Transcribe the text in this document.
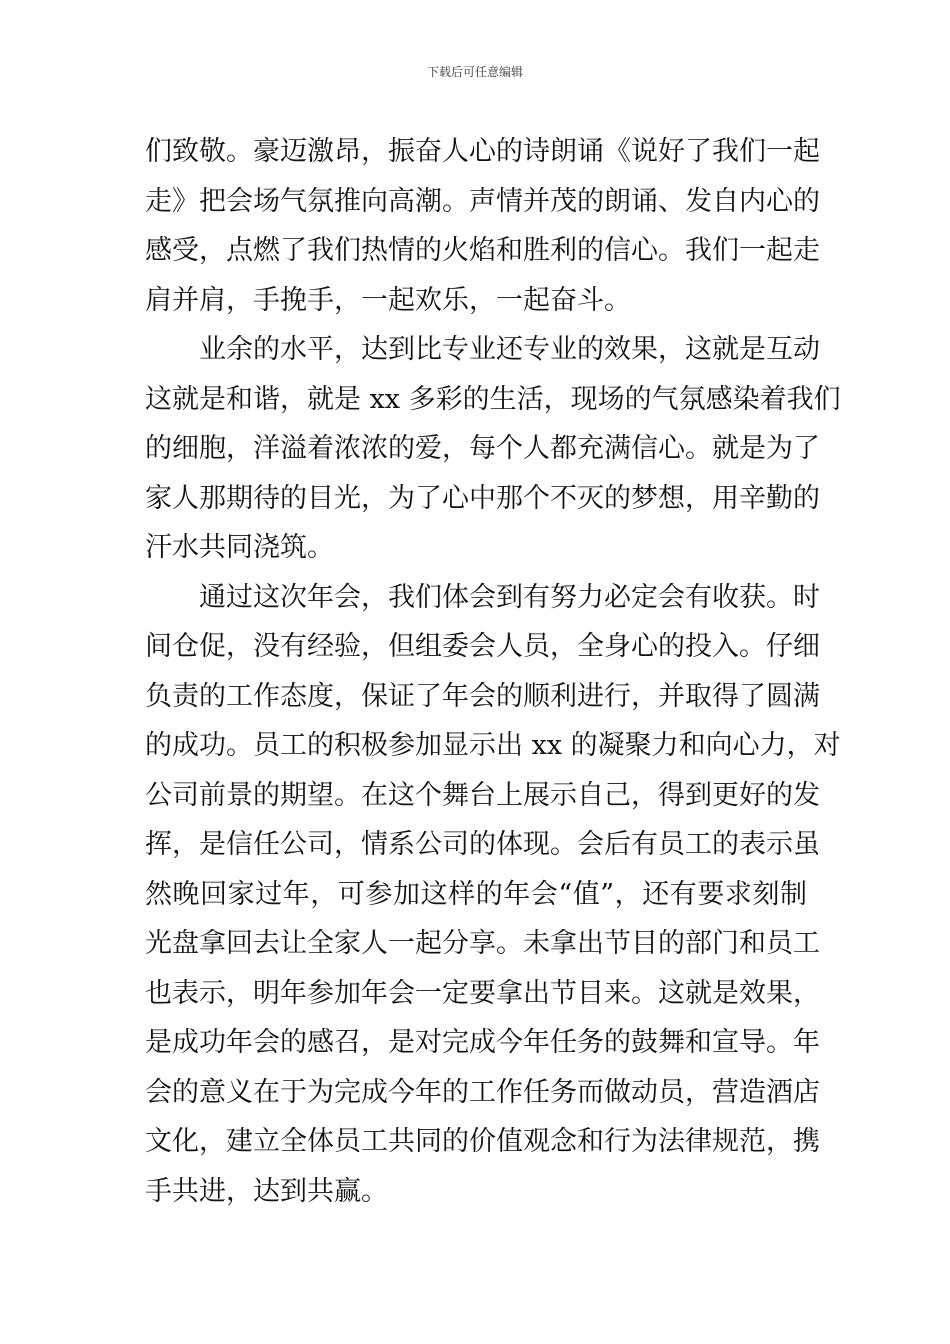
下载后可任意编辑
们致敬。豪迈激昂，振奋人心的诗朗诵《说好了我们一起
走》把会场气氛推向高潮。声情并茂的朗诵、发自内心的
感受，点燃了我们热情的火焰和胜利的信心。我们一起走
肩并肩，手挽手，一起欢乐，一起奋斗。
业余的水平，达到比专业还专业的效果，这就是互动
这就是和谐，就是 xx 多彩的生活，现场的气氛感染着我们
的细胞，洋溢着浓浓的爱，每个人都充满信心。就是为了
家人那期待的目光，为了心中那个不灭的梦想，用辛勤的
汗水共同浇筑。
通过这次年会，我们体会到有努力必定会有收获。时
间仓促，没有经验，但组委会人员，全身心的投入。仔细
负责的工作态度，保证了年会的顺利进行，并取得了圆满
的成功。员工的积极参加显示出 xx 的凝聚力和向心力，对
公司前景的期望。在这个舞台上展示自己，得到更好的发
挥，是信任公司，情系公司的体现。会后有员工的表示虽
然晚回家过年，可参加这样的年会“值”，还有要求刻制
光盘拿回去让全家人一起分享。未拿出节目的部门和员工
也表示，明年参加年会一定要拿出节目来。这就是效果，
是成功年会的感召，是对完成今年任务的鼓舞和宣导。年
会的意义在于为完成今年的工作任务而做动员，营造酒店
文化，建立全体员工共同的价值观念和行为法律规范，携
手共进，达到共赢。
